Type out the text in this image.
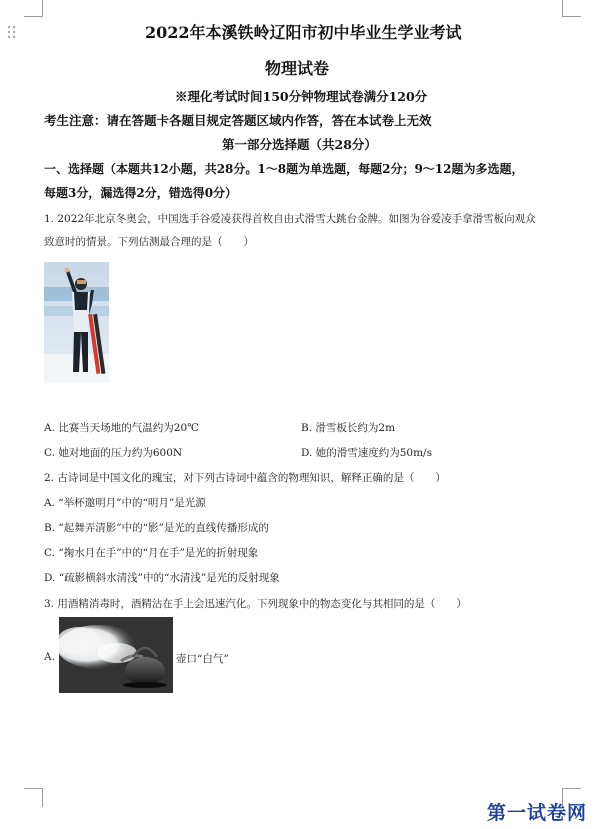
2022年本溪铁岭辽阳市初中毕业生学业考试
物理试卷
※理化考试时间150分钟物理试卷满分120分
考生注意：请在答题卡各题目规定答题区域内作答，答在本试卷上无效
第一部分选择题（共28分）
一、选择题（本题共12小题，共28分。1～8题为单选题，每题2分；9～12题为多选题，
每题3分，漏选得2分，错选得0分）
1. 2022年北京冬奥会，中国选手谷爱凌获得首枚自由式滑雪大跳台金牌。如图为谷爱凌手拿滑雪板向观众
致意时的情景。下列估测最合理的是（　　）
A. 比赛当天场地的气温约为20℃	B. 滑雪板长约为2m
C. 她对地面的压力约为600N	D. 她的滑雪速度约为50m/s
2. 古诗词是中国文化的瑰宝，对下列古诗词中蕴含的物理知识，解释正确的是（　　）
A. “举杯邀明月”中的“明月”是光源
B. “起舞弄清影”中的“影”是光的直线传播形成的
C. “掬水月在手”中的“月在手”是光的折射现象
D. “疏影横斜水清浅”中的“水清浅”是光的反射现象
3. 用酒精消毒时，酒精沾在手上会迅速汽化。下列现象中的物态变化与其相同的是（　　）
A.	壶口“白气”
第一试卷网
